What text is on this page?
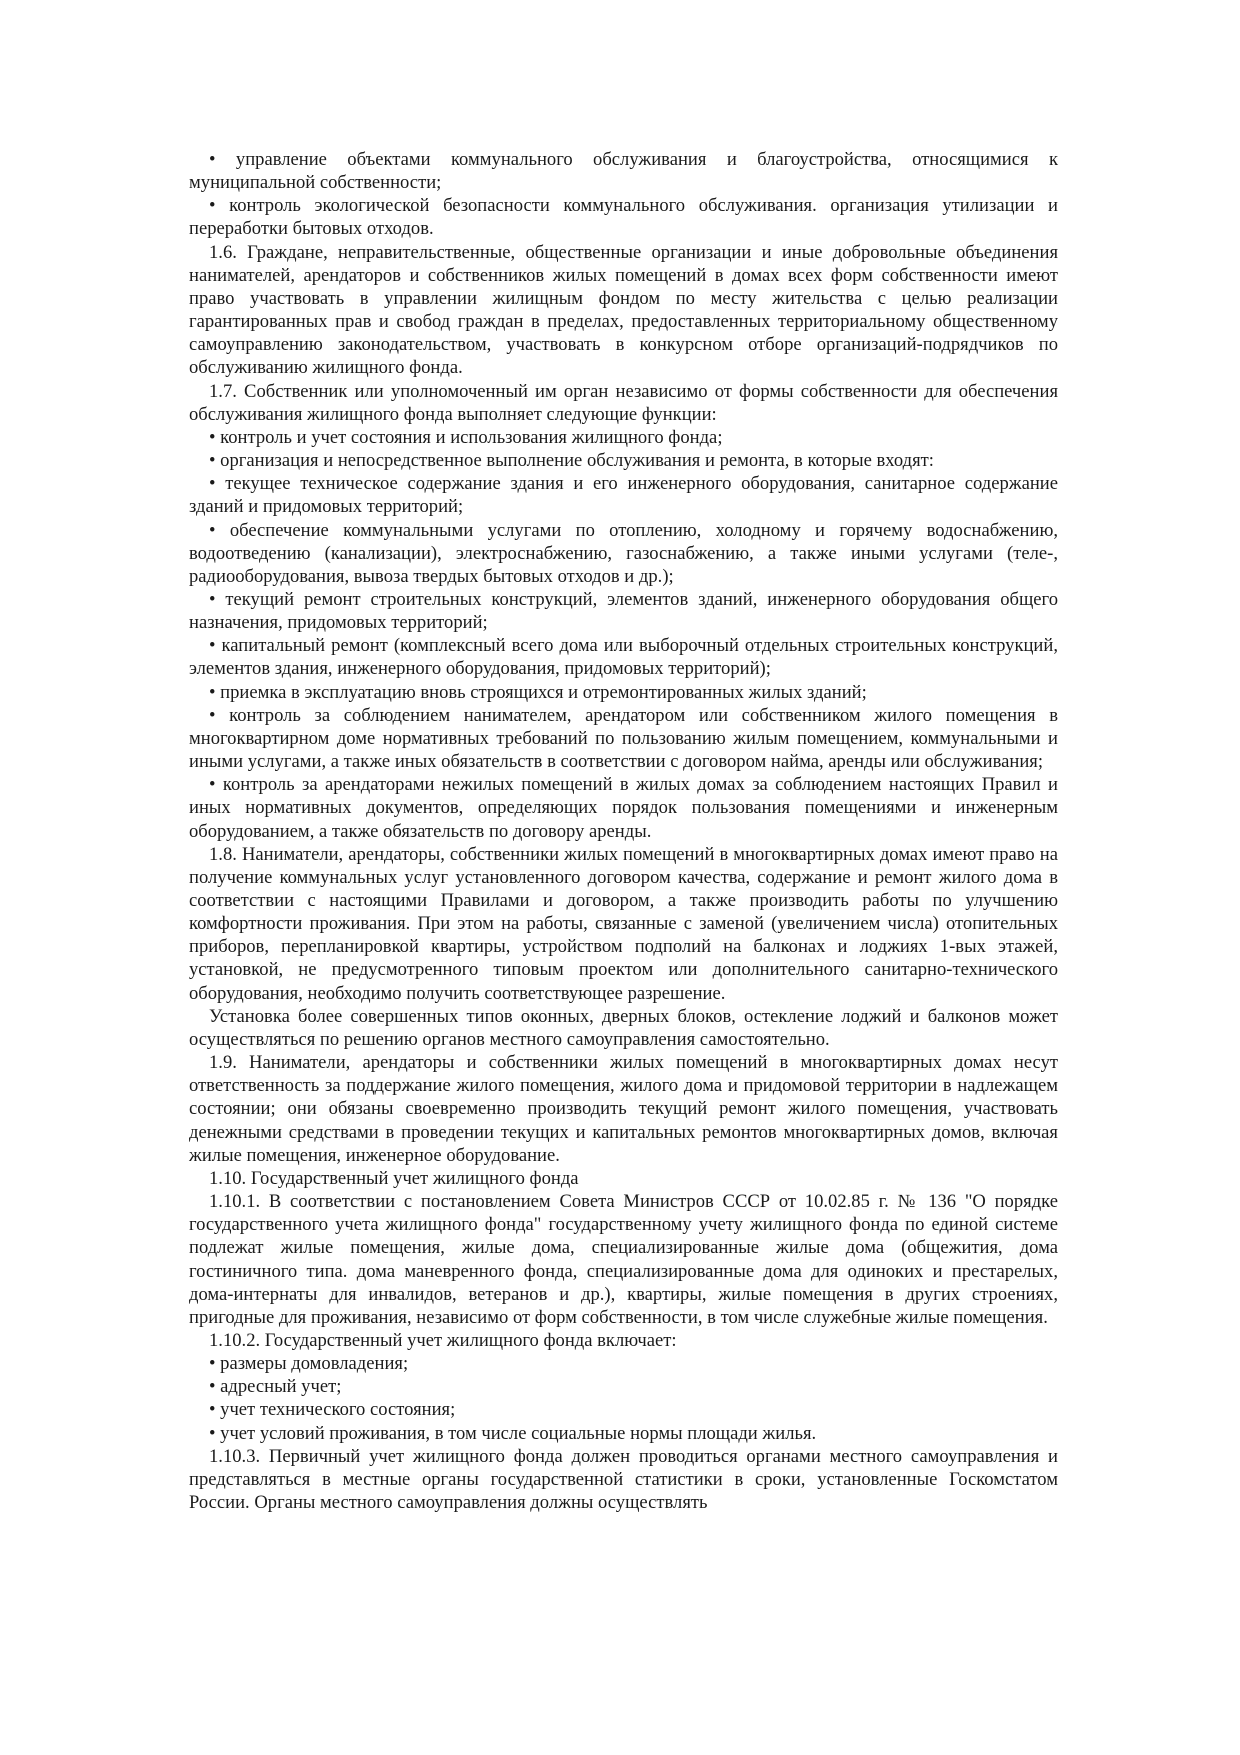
• управление объектами коммунального обслуживания и благоустройства, относящимися к муниципальной собственности;

• контроль экологической безопасности коммунального обслуживания. организация утилизации и переработки бытовых отходов.

1.6. Граждане, неправительственные, общественные организации и иные добровольные объединения нанимателей, арендаторов и собственников жилых помещений в домах всех форм собственности имеют право участвовать в управлении жилищным фондом по месту жительства с целью реализации гарантированных прав и свобод граждан в пределах, предоставленных территориальному общественному самоуправлению законодательством, участвовать в конкурсном отборе организаций-подрядчиков по обслуживанию жилищного фонда.

1.7. Собственник или уполномоченный им орган независимо от формы собственности для обеспечения обслуживания жилищного фонда выполняет следующие функции:

• контроль и учет состояния и использования жилищного фонда;

• организация и непосредственное выполнение обслуживания и ремонта, в которые входят:

• текущее техническое содержание здания и его инженерного оборудования, санитарное содержание зданий и придомовых территорий;

• обеспечение коммунальными услугами по отоплению, холодному и горячему водоснабжению, водоотведению (канализации), электроснабжению, газоснабжению, а также иными услугами (теле-, радиооборудования, вывоза твердых бытовых отходов и др.);

• текущий ремонт строительных конструкций, элементов зданий, инженерного оборудования общего назначения, придомовых территорий;

• капитальный ремонт (комплексный всего дома или выборочный отдельных строительных конструкций, элементов здания, инженерного оборудования, придомовых территорий);

• приемка в эксплуатацию вновь строящихся и отремонтированных жилых зданий;

• контроль за соблюдением нанимателем, арендатором или собственником жилого помещения в многоквартирном доме нормативных требований по пользованию жилым помещением, коммунальными и иными услугами, а также иных обязательств в соответствии с договором найма, аренды или обслуживания;

• контроль за арендаторами нежилых помещений в жилых домах за соблюдением настоящих Правил и иных нормативных документов, определяющих порядок пользования помещениями и инженерным оборудованием, а также обязательств по договору аренды.

1.8. Наниматели, арендаторы, собственники жилых помещений в многоквартирных домах имеют право на получение коммунальных услуг установленного договором качества, содержание и ремонт жилого дома в соответствии с настоящими Правилами и договором, а также производить работы по улучшению комфортности проживания. При этом на работы, связанные с заменой (увеличением числа) отопительных приборов, перепланировкой квартиры, устройством подполий на балконах и лоджиях 1-вых этажей, установкой, не предусмотренного типовым проектом или дополнительного санитарно-технического оборудования, необходимо получить соответствующее разрешение.

Установка более совершенных типов оконных, дверных блоков, остекление лоджий и балконов может осуществляться по решению органов местного самоуправления самостоятельно.

1.9. Наниматели, арендаторы и собственники жилых помещений в многоквартирных домах несут ответственность за поддержание жилого помещения, жилого дома и придомовой территории в надлежащем состоянии; они обязаны своевременно производить текущий ремонт жилого помещения, участвовать денежными средствами в проведении текущих и капитальных ремонтов многоквартирных домов, включая жилые помещения, инженерное оборудование.

1.10. Государственный учет жилищного фонда

1.10.1. В соответствии с постановлением Совета Министров СССР от 10.02.85 г. № 136 "О порядке государственного учета жилищного фонда" государственному учету жилищного фонда по единой системе подлежат жилые помещения, жилые дома, специализированные жилые дома (общежития, дома гостиничного типа. дома маневренного фонда, специализированные дома для одиноких и престарелых, дома-интернаты для инвалидов, ветеранов и др.), квартиры, жилые помещения в других строениях, пригодные для проживания, независимо от форм собственности, в том числе служебные жилые помещения.

1.10.2. Государственный учет жилищного фонда включает:

• размеры домовладения;

• адресный учет;

• учет технического состояния;

• учет условий проживания, в том числе социальные нормы площади жилья.

1.10.3. Первичный учет жилищного фонда должен проводиться органами местного самоуправления и представляться в местные органы государственной статистики в сроки, установленные Госкомстатом России. Органы местного самоуправления должны осуществлять
